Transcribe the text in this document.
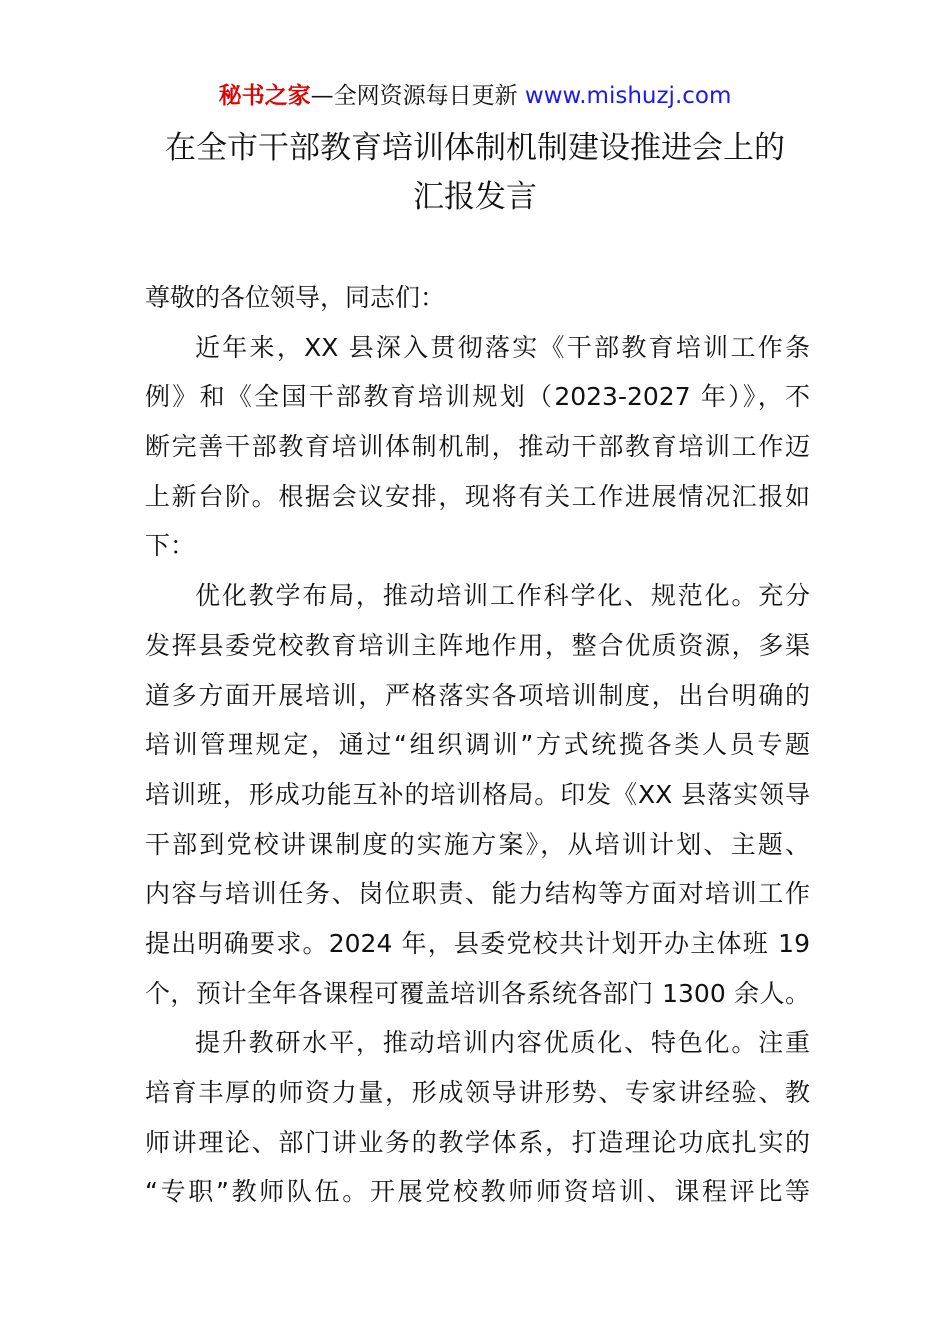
秘书之家—全网资源每日更新 www.mishuzj.com
在全市干部教育培训体制机制建设推进会上的
汇报发言
尊敬的各位领导，同志们：
近年来，XX 县深入贯彻落实《干部教育培训工作条
例》和《全国干部教育培训规划（2023-2027 年）》，不
断完善干部教育培训体制机制，推动干部教育培训工作迈
上新台阶。根据会议安排，现将有关工作进展情况汇报如
下：
优化教学布局，推动培训工作科学化、规范化。充分
发挥县委党校教育培训主阵地作用，整合优质资源，多渠
道多方面开展培训，严格落实各项培训制度，出台明确的
培训管理规定，通过“组织调训”方式统揽各类人员专题
培训班，形成功能互补的培训格局。印发《XX 县落实领导
干部到党校讲课制度的实施方案》，从培训计划、主题、
内容与培训任务、岗位职责、能力结构等方面对培训工作
提出明确要求。2024 年，县委党校共计划开办主体班 19
个，预计全年各课程可覆盖培训各系统各部门 1300 余人。
提升教研水平，推动培训内容优质化、特色化。注重
培育丰厚的师资力量，形成领导讲形势、专家讲经验、教
师讲理论、部门讲业务的教学体系，打造理论功底扎实的
“专职”教师队伍。开展党校教师师资培训、课程评比等
